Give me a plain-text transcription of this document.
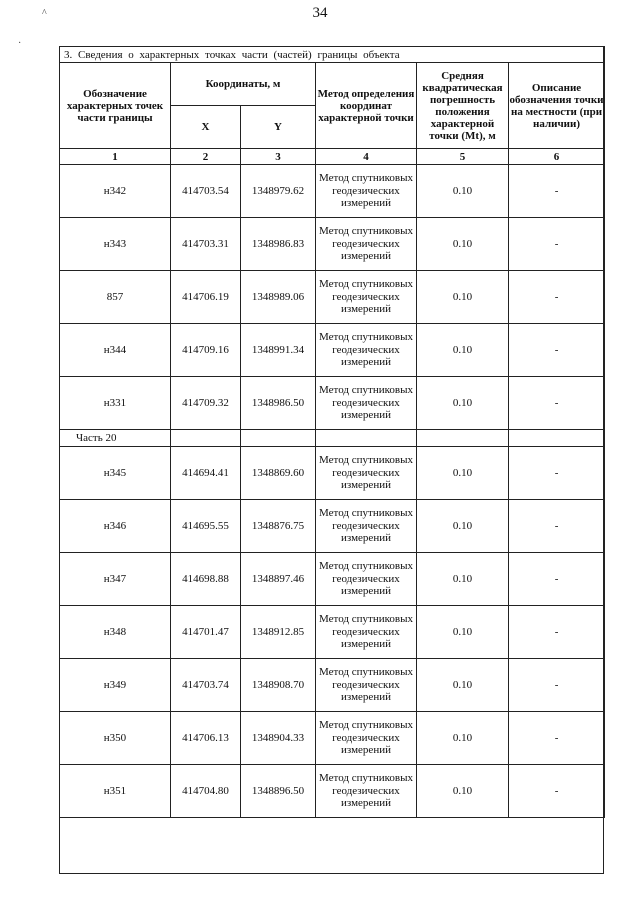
34
^
·
3. Сведения о характерных точках части (частей) границы объекта					
Обозначение характерных точек части границы	Координаты, м		Метод определения координат характерной точки	Средняя квадратическая погрешность положения характерной точки (Mt), м	Описание обозначения точки на местности (при наличии)
	X	Y			
1	2	3	4	5	6
н342	414703.54	1348979.62	Метод спутниковых геодезических измерений	0.10	-
н343	414703.31	1348986.83	Метод спутниковых геодезических измерений	0.10	-
857	414706.19	1348989.06	Метод спутниковых геодезических измерений	0.10	-
н344	414709.16	1348991.34	Метод спутниковых геодезических измерений	0.10	-
н331	414709.32	1348986.50	Метод спутниковых геодезических измерений	0.10	-
Часть 20					
н345	414694.41	1348869.60	Метод спутниковых геодезических измерений	0.10	-
н346	414695.55	1348876.75	Метод спутниковых геодезических измерений	0.10	-
н347	414698.88	1348897.46	Метод спутниковых геодезических измерений	0.10	-
н348	414701.47	1348912.85	Метод спутниковых геодезических измерений	0.10	-
н349	414703.74	1348908.70	Метод спутниковых геодезических измерений	0.10	-
н350	414706.13	1348904.33	Метод спутниковых геодезических измерений	0.10	-
н351	414704.80	1348896.50	Метод спутниковых геодезических измерений	0.10	-
